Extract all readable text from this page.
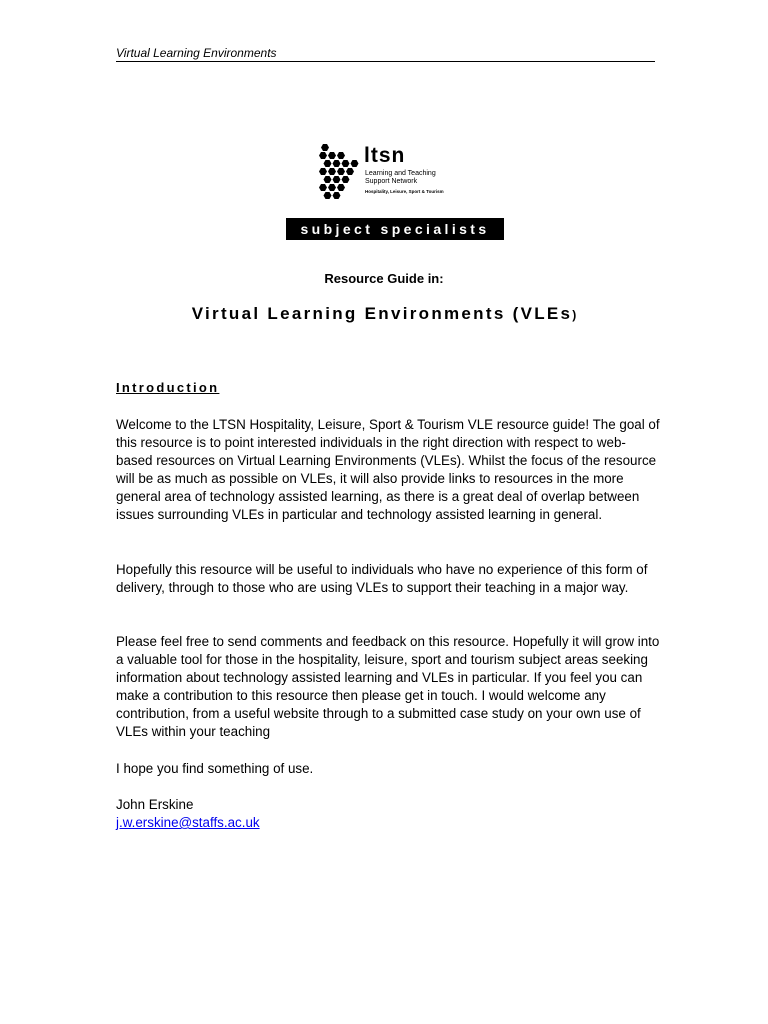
Virtual Learning Environments
ltsn
Learning and Teaching
Support Network
Hospitality, Leisure, Sport & Tourism
subject specialists
Resource Guide in:
Virtual Learning Environments (VLEs)
Introduction

Welcome to the LTSN Hospitality, Leisure, Sport & Tourism VLE resource guide! The goal of this resource is to point interested individuals in the right direction with respect to web-based resources on Virtual Learning Environments (VLEs). Whilst the focus of the resource will be as much as possible on VLEs, it will also provide links to resources in the more general area of technology assisted learning, as there is a great deal of overlap between issues surrounding VLEs in particular and technology assisted learning in general.

Hopefully this resource will be useful to individuals who have no experience of this form of delivery, through to those who are using VLEs to support their teaching in a major way.

Please feel free to send comments and feedback on this resource. Hopefully it will grow into a valuable tool for those in the hospitality, leisure, sport and tourism subject areas seeking information about technology assisted learning and VLEs in particular. If you feel you can make a contribution to this resource then please get in touch. I would welcome any contribution, from a useful website through to a submitted case study on your own use of VLEs within your teaching

I hope you find something of use.

John Erskine

j.w.erskine@staffs.ac.uk
